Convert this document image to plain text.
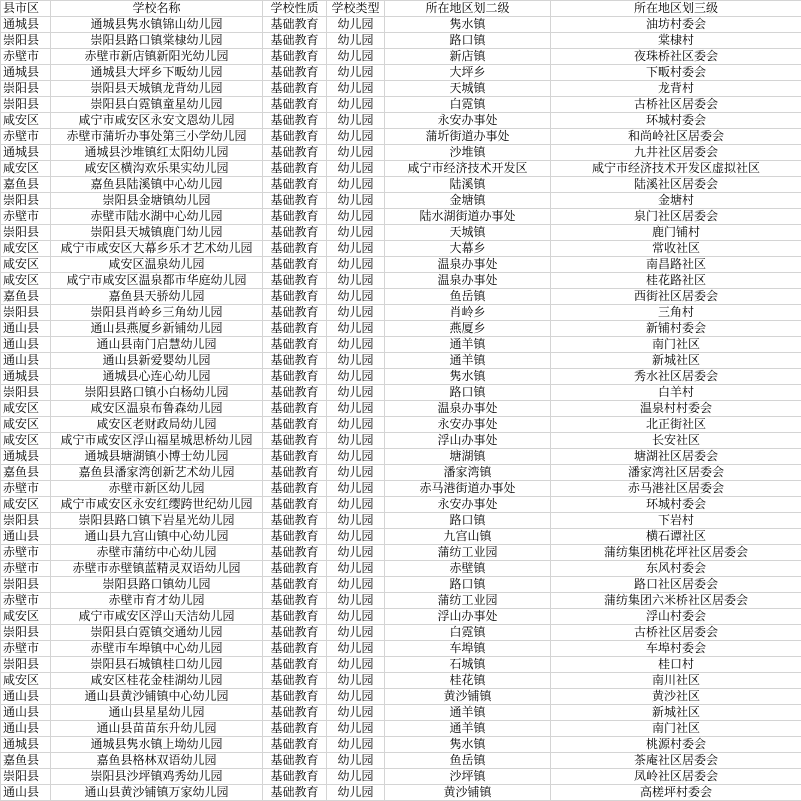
县市区	学校名称	学校性质	学校类型	所在地区划二级	所在地区划三级
通城县	通城县隽水镇锦山幼儿园	基础教育	幼儿园	隽水镇	油坊村委会
崇阳县	崇阳县路口镇棠棣幼儿园	基础教育	幼儿园	路口镇	棠棣村
赤壁市	赤壁市新店镇新阳光幼儿园	基础教育	幼儿园	新店镇	夜珠桥社区委会
通城县	通城县大坪乡下畈幼儿园	基础教育	幼儿园	大坪乡	下畈村委会
崇阳县	崇阳县天城镇龙背幼儿园	基础教育	幼儿园	天城镇	龙背村
崇阳县	崇阳县白霓镇童星幼儿园	基础教育	幼儿园	白霓镇	古桥社区居委会
咸安区	咸宁市咸安区永安文恩幼儿园	基础教育	幼儿园	永安办事处	环城村委会
赤壁市	赤壁市蒲圻办事处第三小学幼儿园	基础教育	幼儿园	蒲圻街道办事处	和尚岭社区居委会
通城县	通城县沙堆镇红太阳幼儿园	基础教育	幼儿园	沙堆镇	九井社区居委会
咸安区	咸安区横沟欢乐果实幼儿园	基础教育	幼儿园	咸宁市经济技术开发区	咸宁市经济技术开发区虚拟社区
嘉鱼县	嘉鱼县陆溪镇中心幼儿园	基础教育	幼儿园	陆溪镇	陆溪社区居委会
崇阳县	崇阳县金塘镇幼儿园	基础教育	幼儿园	金塘镇	金塘村
赤壁市	赤壁市陆水湖中心幼儿园	基础教育	幼儿园	陆水湖街道办事处	泉门社区居委会
崇阳县	崇阳县天城镇鹿门幼儿园	基础教育	幼儿园	天城镇	鹿门铺村
咸安区	咸宁市咸安区大幕乡乐才艺术幼儿园	基础教育	幼儿园	大幕乡	常收社区
咸安区	咸安区温泉幼儿园	基础教育	幼儿园	温泉办事处	南昌路社区
咸安区	咸宁市咸安区温泉都市华庭幼儿园	基础教育	幼儿园	温泉办事处	桂花路社区
嘉鱼县	嘉鱼县天骄幼儿园	基础教育	幼儿园	鱼岳镇	西街社区居委会
崇阳县	崇阳县肖岭乡三角幼儿园	基础教育	幼儿园	肖岭乡	三角村
通山县	通山县燕厦乡新铺幼儿园	基础教育	幼儿园	燕厦乡	新铺村委会
通山县	通山县南门启慧幼儿园	基础教育	幼儿园	通羊镇	南门社区
通山县	通山县新爱婴幼儿园	基础教育	幼儿园	通羊镇	新城社区
通城县	通城县心连心幼儿园	基础教育	幼儿园	隽水镇	秀水社区居委会
崇阳县	崇阳县路口镇小白杨幼儿园	基础教育	幼儿园	路口镇	白羊村
咸安区	咸安区温泉布鲁森幼儿园	基础教育	幼儿园	温泉办事处	温泉村村委会
咸安区	咸安区老财政局幼儿园	基础教育	幼儿园	永安办事处	北正街社区
咸安区	咸宁市咸安区浮山福星城思桥幼儿园	基础教育	幼儿园	浮山办事处	长安社区
通城县	通城县塘湖镇小博士幼儿园	基础教育	幼儿园	塘湖镇	塘湖社区居委会
嘉鱼县	嘉鱼县潘家湾创新艺术幼儿园	基础教育	幼儿园	潘家湾镇	潘家湾社区居委会
赤壁市	赤壁市新区幼儿园	基础教育	幼儿园	赤马港街道办事处	赤马港社区居委会
咸安区	咸宁市咸安区永安红缨跨世纪幼儿园	基础教育	幼儿园	永安办事处	环城村委会
崇阳县	崇阳县路口镇下岩星光幼儿园	基础教育	幼儿园	路口镇	下岩村
通山县	通山县九宫山镇中心幼儿园	基础教育	幼儿园	九宫山镇	横石谭社区
赤壁市	赤壁市蒲纺中心幼儿园	基础教育	幼儿园	蒲纺工业园	蒲纺集团桃花坪社区居委会
赤壁市	赤壁市赤壁镇蓝精灵双语幼儿园	基础教育	幼儿园	赤壁镇	东风村委会
崇阳县	崇阳县路口镇幼儿园	基础教育	幼儿园	路口镇	路口社区居委会
赤壁市	赤壁市育才幼儿园	基础教育	幼儿园	蒲纺工业园	蒲纺集团六米桥社区居委会
咸安区	咸宁市咸安区浮山天洁幼儿园	基础教育	幼儿园	浮山办事处	浮山村委会
崇阳县	崇阳县白霓镇交通幼儿园	基础教育	幼儿园	白霓镇	古桥社区居委会
赤壁市	赤壁市车埠镇中心幼儿园	基础教育	幼儿园	车埠镇	车埠村委会
崇阳县	崇阳县石城镇桂口幼儿园	基础教育	幼儿园	石城镇	桂口村
咸安区	咸安区桂花金桂湖幼儿园	基础教育	幼儿园	桂花镇	南川社区
通山县	通山县黄沙铺镇中心幼儿园	基础教育	幼儿园	黄沙铺镇	黄沙社区
通山县	通山县星星幼儿园	基础教育	幼儿园	通羊镇	新城社区
通山县	通山县苗苗东升幼儿园	基础教育	幼儿园	通羊镇	南门社区
通城县	通城县隽水镇上坳幼儿园	基础教育	幼儿园	隽水镇	桃源村委会
嘉鱼县	嘉鱼县格林双语幼儿园	基础教育	幼儿园	鱼岳镇	茶庵社区居委会
崇阳县	崇阳县沙坪镇鸡秀幼儿园	基础教育	幼儿园	沙坪镇	凤岭社区居委会
通山县	通山县黄沙铺镇万家幼儿园	基础教育	幼儿园	黄沙铺镇	高槎坪村委会
